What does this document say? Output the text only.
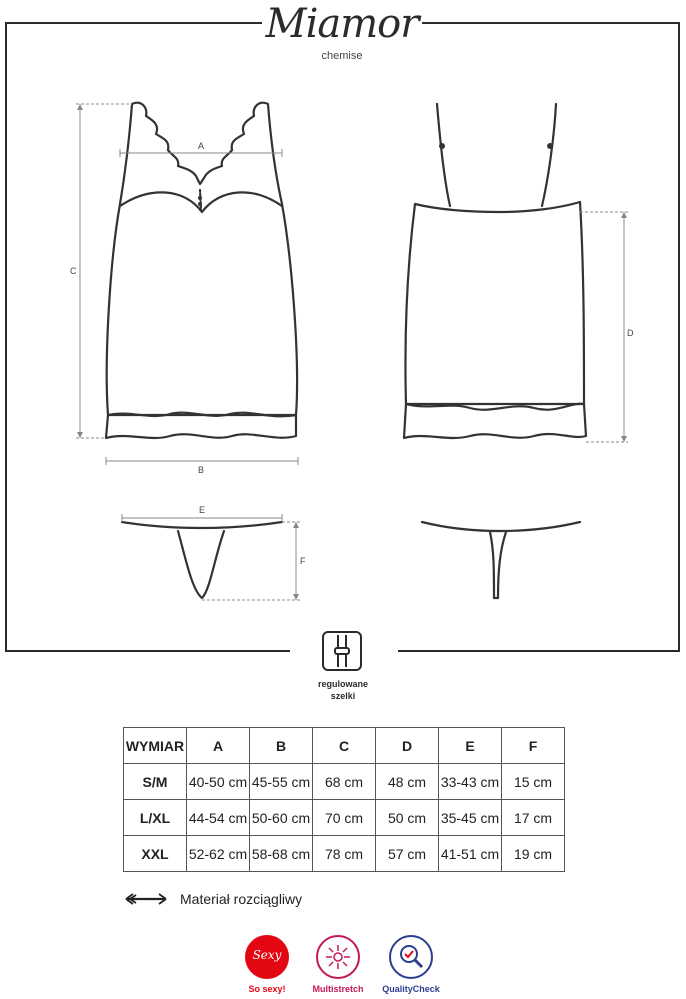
Miamor
chemise
A
C
B
D
E
F
regulowane
szelki
WYMIAR	A	B	C	D	E	F
S/M	40-50 cm	45-55 cm	68 cm	48 cm	33-43 cm	15 cm
L/XL	44-54 cm	50-60 cm	70 cm	50 cm	35-45 cm	17 cm
XXL	52-62 cm	58-68 cm	78 cm	57 cm	41-51 cm	19 cm
Materiał rozciągliwy
Sexy
So sexy!	Multistretch	QualityCheck
